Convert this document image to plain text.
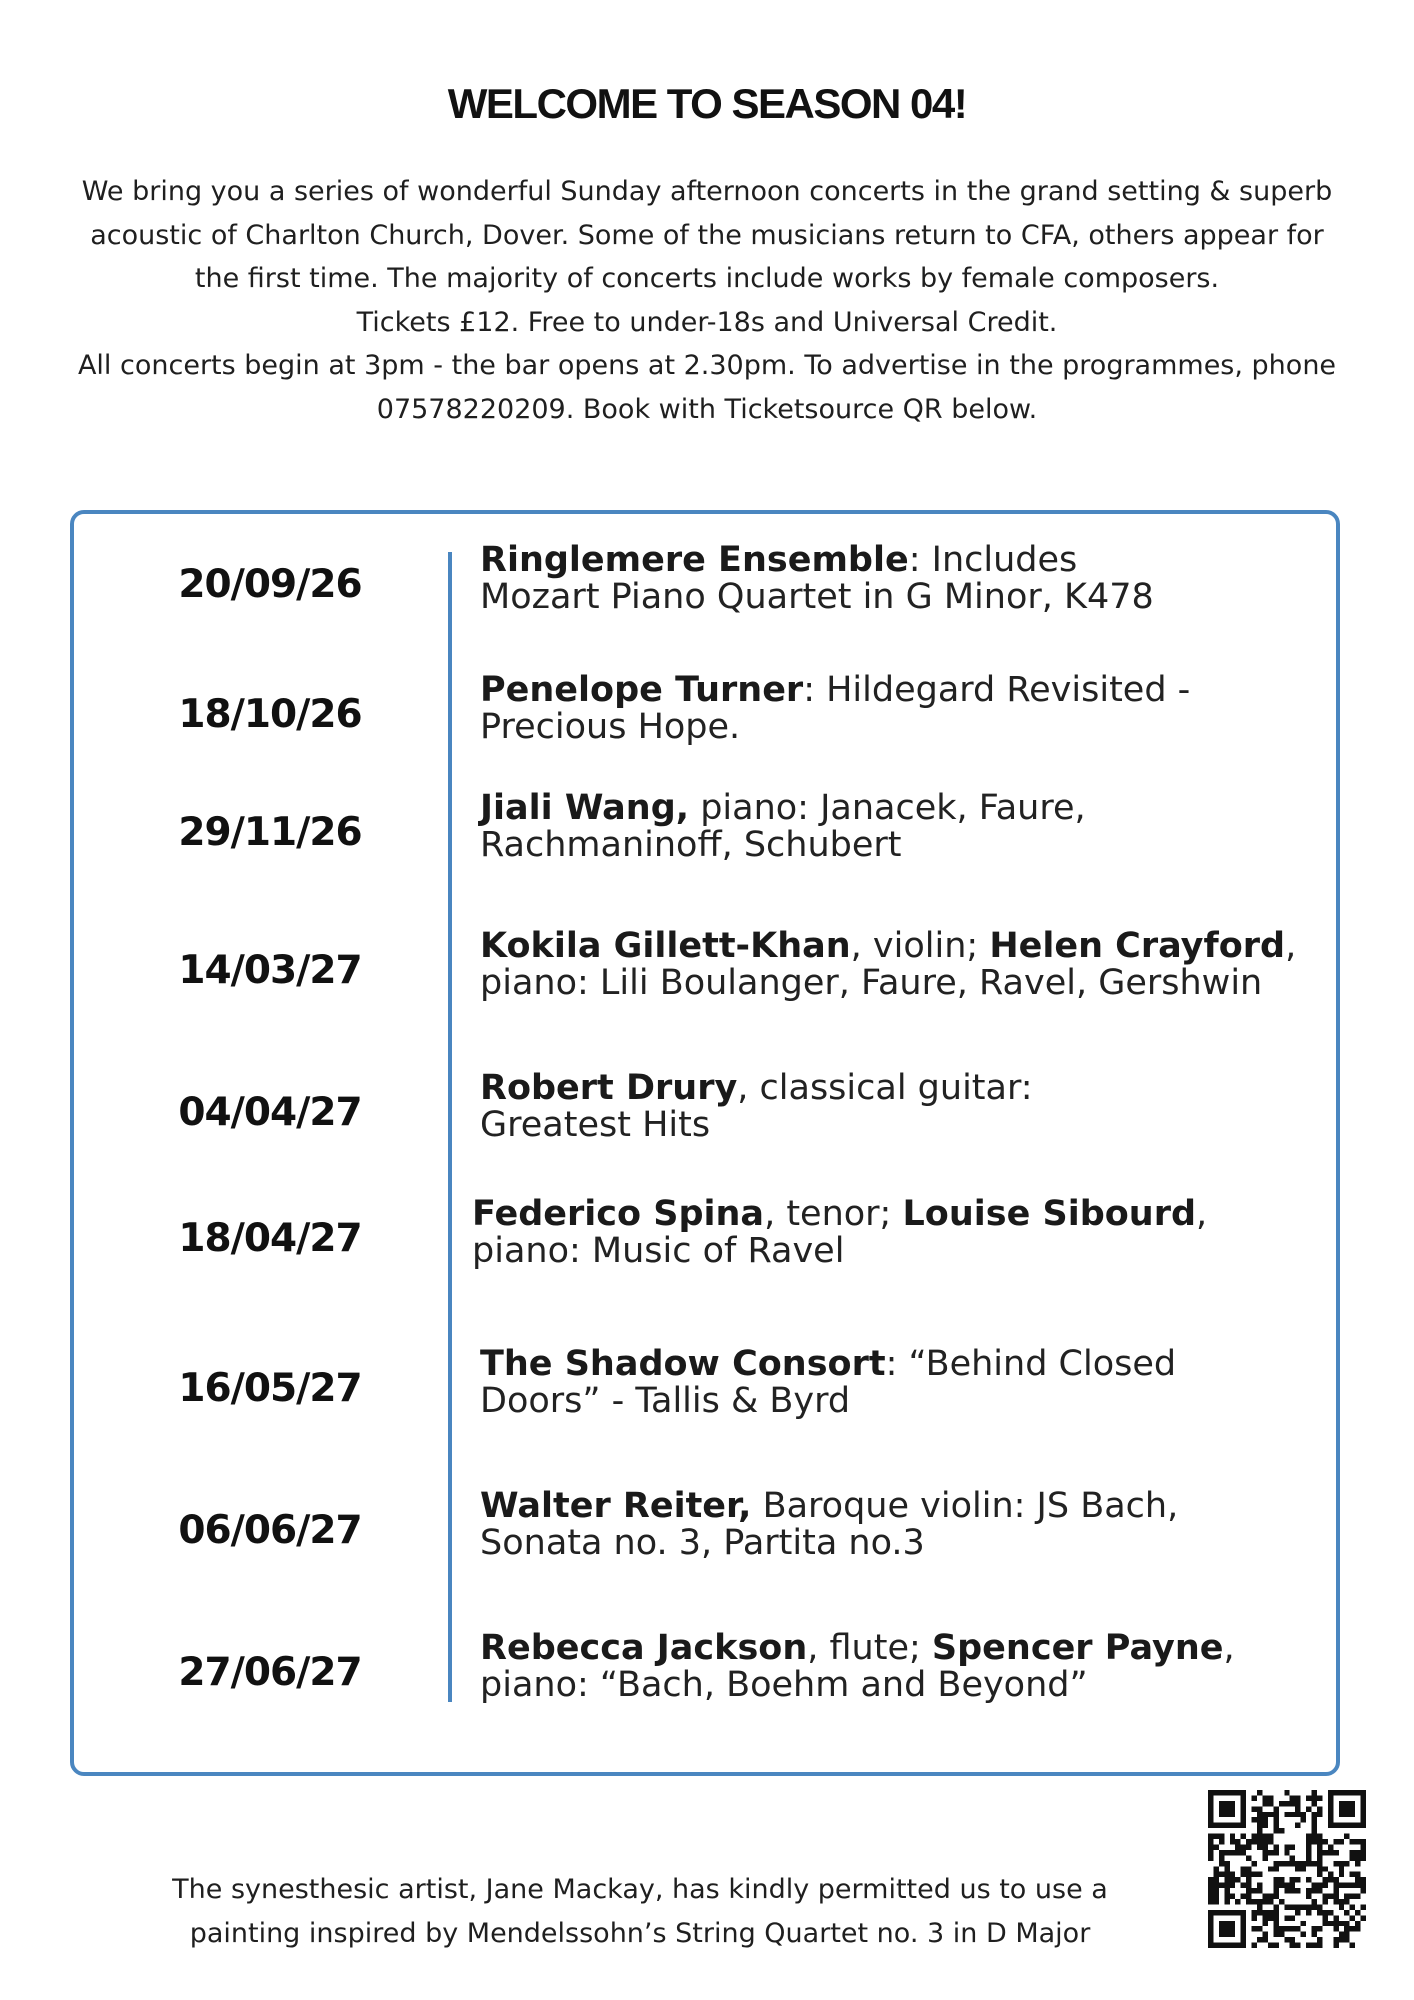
WELCOME TO SEASON 04!

We bring you a series of wonderful Sunday afternoon concerts in the grand setting & superb acoustic of Charlton Church, Dover. Some of the musicians return to CFA, others appear for the first time. The majority of concerts include works by female composers.

Tickets £12. Free to under-18s and Universal Credit.

All concerts begin at 3pm - the bar opens at 2.30pm. To advertise in the programmes, phone 07578220209. Book with Ticketsource QR below.

20/09/26
Ringlemere Ensemble: Includes
Mozart Piano Quartet in G Minor, K478
18/10/26
Penelope Turner: Hildegard Revisited -
Precious Hope.
29/11/26
Jiali Wang, piano: Janacek, Faure,
Rachmaninoff, Schubert
14/03/27
Kokila Gillett-Khan, violin; Helen Crayford,
piano: Lili Boulanger, Faure, Ravel, Gershwin
04/04/27
Robert Drury, classical guitar:
Greatest Hits
18/04/27
Federico Spina, tenor; Louise Sibourd,
piano: Music of Ravel
16/05/27
The Shadow Consort: “Behind Closed
Doors” - Tallis & Byrd
06/06/27
Walter Reiter, Baroque violin: JS Bach,
Sonata no. 3, Partita no.3
27/06/27
Rebecca Jackson, flute; Spencer Payne,
piano: “Bach, Boehm and Beyond”
The synesthesic artist, Jane Mackay, has kindly permitted us to use a
painting inspired by Mendelssohn’s String Quartet no. 3 in D Major
